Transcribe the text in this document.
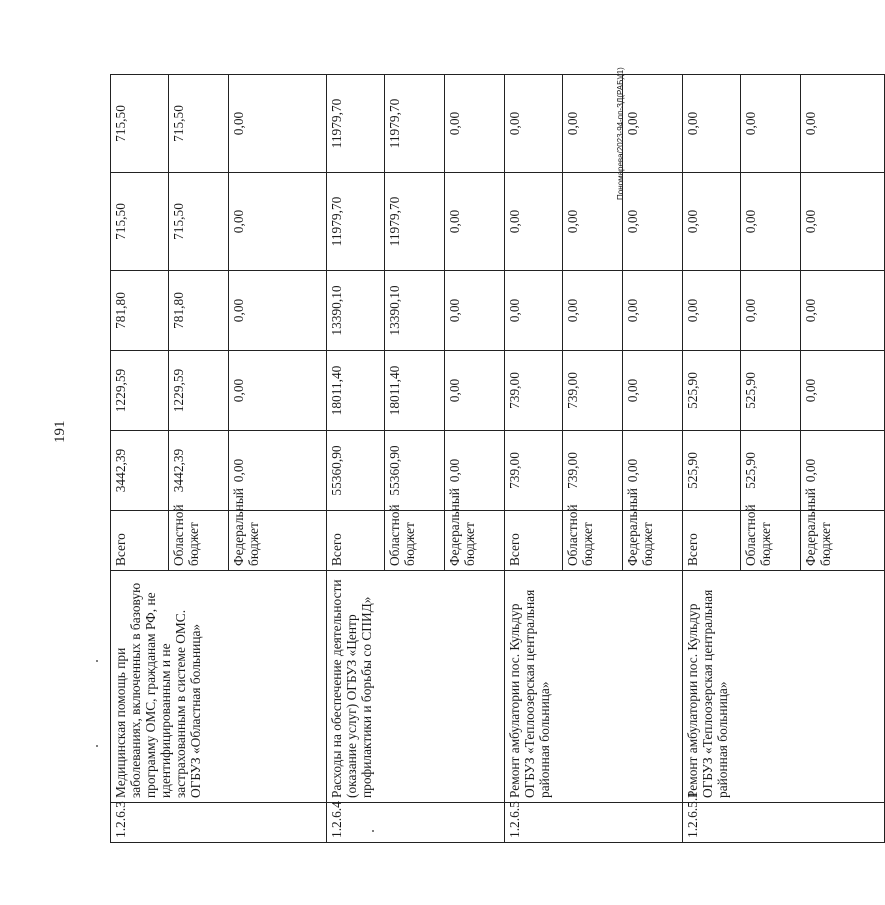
191
Пономарева/2023-94-пп-ЗД(РАБ)(1)
1.2.6.3	Медицинская помощь при заболеваниях, включенных в базовую программу ОМС, гражданам РФ, не идентифицированным и не застрахованным в системе ОМС. ОГБУЗ «Областная больница»	Всего	3442,39	1229,59	781,80	715,50	715,50
		Областной бюджет	3442,39	1229,59	781,80	715,50	715,50
		Федеральный бюджет	0,00	0,00	0,00	0,00	0,00
1.2.6.4	Расходы на обеспечение деятельности (оказание услуг) ОГБУЗ «Центр профилактики и борьбы со СПИД»	Всего	55360,90	18011,40	13390,10	11979,70	11979,70
		Областной бюджет	55360,90	18011,40	13390,10	11979,70	11979,70
		Федеральный бюджет	0,00	0,00	0,00	0,00	0,00
1.2.6.5	Ремонт амбулатории пос. Кульдур ОГБУЗ «Теплоозерская центральная районная больница»	Всего	739,00	739,00	0,00	0,00	0,00
		Областной бюджет	739,00	739,00	0,00	0,00	0,00
		Федеральный бюджет	0,00	0,00	0,00	0,00	0,00
1.2.6.5.1	Ремонт амбулатории пос. Кульдур ОГБУЗ «Теплоозерская центральная районная больница»	Всего	525,90	525,90	0,00	0,00	0,00
		Областной бюджет	525,90	525,90	0,00	0,00	0,00
		Федеральный бюджет	0,00	0,00	0,00	0,00	0,00
